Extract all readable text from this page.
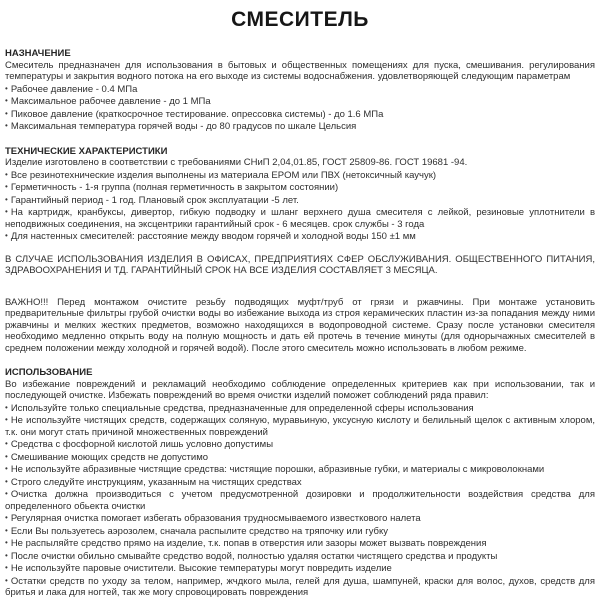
СМЕСИТЕЛЬ
НАЗНАЧЕНИЕ

Смеситель предназначен для использования в бытовых и общественных помещениях для пуска, смешивания. регулирования температуры и закрытия водного потока на его выходе из системы водоснабжения. удовлетворяющей следующим параметрам

• Рабочее давление - 0.4 МПа

• Максимальное рабочее давление - до 1 МПа

• Пиковое давление (краткосрочное тестирование. опрессовка системы) - до 1.6 МПа

• Максимальная температура горячей воды - до 80 градусов по шкале Цельсия

ТЕХНИЧЕСКИЕ ХАРАКТЕРИСТИКИ

Изделие изготовлено в соответствии с требованиями СНиП 2,04,01.85, ГОСТ 25809-86. ГОСТ 19681 -94.

• Все резинотехнические изделия выполнены из материала EPOM или ПВХ (нетоксичный каучук)

• Герметичность - 1-я группа (полная герметичность в закрытом состоянии)

• Гарантийный период - 1 год. Плановый срок эксплуатации -5 лет.

• На картридж, кранбуксы, дивертор, гибкую подводку и шланг верхнего душа смесителя с лейкой, резиновые уплотнители в неподвижных соединения, на эксцентрики гарантийный срок - 6 месяцев. срок службы - 3 года

• Для настенных смесителей: расстояние между вводом горячей и холодной воды 150 ±1 мм

В СЛУЧАЕ ИСПОЛЬЗОВАНИЯ ИЗДЕЛИЯ В ОФИСАХ, ПРЕДПРИЯТИЯХ СФЕР ОБСЛУЖИВАНИЯ. ОБЩЕСТВЕННОГО ПИТАНИЯ, ЗДРАВООХРАНЕНИЯ И ТД. ГАРАНТИЙНЫЙ СРОК НА ВСЕ ИЗДЕЛИЯ СОСТАВЛЯЕТ 3 МЕСЯЦА.

ВАЖНО!!! Перед монтажом очистите резьбу подводящих муфт/труб от грязи и ржавчины. При монтаже установить предварительные фильтры грубой очистки воды во избежание выхода из строя керамических пластин из-за попадания между ними ржавчины и мелких жестких предметов, возможно находящихся в водопроводной системе. Сразу после установки смесителя необходимо медленно открыть воду на полную мощность и дать ей протечь в течение минуты (для однорычажных смесителей в среднем положении между холодной и горячей водой). После этого смеситель можно использовать в любом режиме.

ИСПОЛЬЗОВАНИЕ

Во избежание повреждений и рекламаций необходимо соблюдение определенных критериев как при использовании, так и последующей очистке. Избежать повреждений во время очистки изделий поможет соблюдений ряда правил:

• Используйте только специальные средства, предназначенные для определенной сферы использования

• Не используйте чистящих средств, содержащих соляную, муравьиную, уксусную кислоту и белильный щелок с активным хлором, т.к. они могут стать причиной множественных повреждений

• Средства с фосфорной кислотой лишь условно допустимы

• Смешивание моющих средств не допустимо

• Не используйте абразивные чистящие средства: чистящие порошки, абразивные губки, и материалы с микроволокнами

• Строго следуйте инструкциям, указанным на чистящих средствах

• Очистка должна производиться с учетом предусмотренной дозировки и продолжительности воздействия средства для определенного обьекта очистки

• Регулярная очистка помогает избегать образования трудносмываемого известкового налета

• Если Вы пользуетесь аэрозолем, сначала распылите средство на тряпочку или губку

• Не распыляйте средство прямо на изделие, т.к. попав в отверстия или зазоры может вызвать повреждения

• После очистки обильно смывайте средство водой, полностью удаляя остатки чистящего средства и продукты

• Не используйте паровые очистители. Высокие температуры могут повредить изделие

• Остатки средств по уходу за телом, например, жчдкого мыла, гелей для душа, шампуней, краски для волос, духов, средств для бритья и лака для ногтей, так же могу спровоцировать повреждения
